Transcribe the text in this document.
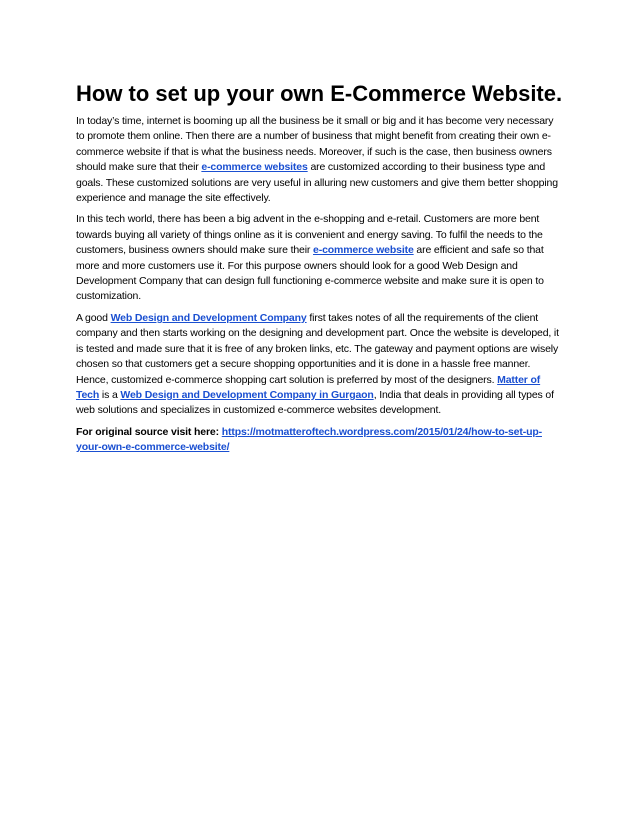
How to set up your own E-Commerce Website.

In today’s time, internet is booming up all the business be it small or big and it has become very necessary to promote them online. Then there are a number of business that might benefit from creating their own e-commerce website if that is what the business needs. Moreover, if such is the case, then business owners should make sure that their e-commerce websites are customized according to their business type and goals. These customized solutions are very useful in alluring new customers and give them better shopping experience and manage the site effectively.

In this tech world, there has been a big advent in the e-shopping and e-retail. Customers are more bent towards buying all variety of things online as it is convenient and energy saving. To fulfil the needs to the customers, business owners should make sure their e-commerce website are efficient and safe so that more and more customers use it. For this purpose owners should look for a good Web Design and Development Company that can design full functioning e-commerce website and make sure it is open to customization.

A good Web Design and Development Company first takes notes of all the requirements of the client company and then starts working on the designing and development part. Once the website is developed, it is tested and made sure that it is free of any broken links, etc. The gateway and payment options are wisely chosen so that customers get a secure shopping opportunities and it is done in a hassle free manner. Hence, customized e-commerce shopping cart solution is preferred by most of the designers. Matter of Tech is a Web Design and Development Company in Gurgaon, India that deals in providing all types of web solutions and specializes in customized e-commerce websites development.

For original source visit here: https://motmatteroftech.wordpress.com/2015/01/24/how-to-set-up-your-own-e-commerce-website/
